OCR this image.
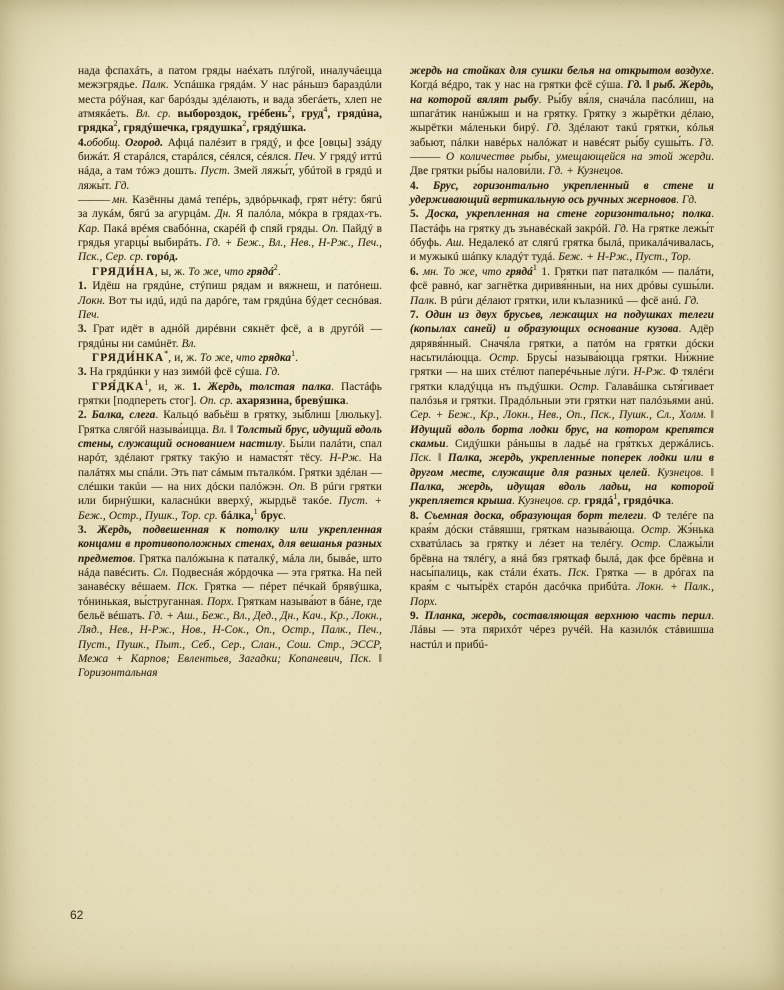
нада фспахáть, а патом гряды наéхать плýгой, иналучáецца межэгрядье. Палк. Успáшка грядáм. У нас рáньшэ бараздúли места рóўная, каг барóзды здéлають, и вада збегáеть, хлеп не атмякáеть. Вл. ср. выбороздок, грéбень$^2$, груд$^4$, грядúна, грядка$^2$, грядýшечка, грядушка$^2$, грядýшка.

4.обобщ. Огород. Афцá палéзит в грядý, и фсе [овцы] ззáду бижáт. Я старáлся, старáлся, сéялся, сéялся. Печ. У грядý иттú нáда, а там тóжэ дошть. Пуст. Змей ляжы́т, убúтой в грядú и ляжы́т. Гд.

——— мн. Казённы дамá тепéрь, здвóрьчкаф, грят нéту: бягú за лукáм, бягú за агурцáм. Дн. Я палóла, мóкра в грядах-тъ. Кар. Пакá врéмя свабóнна, скарéй ф спяй гряды. Оп. Пайдý в грядья угарцы́ выбирáть. Гд. + Беж., Вл., Нев., Н-Рж., Печ., Пск., Сер. ср. горóд.

ГРЯДИ́НА, ы, ж. То же, что грядá$^2$.

1. Идёш на грядúне, стýпиш рядам и вяжнеш, и патóнеш. Локн. Вот ты идú, идú па дарóге, там грядúна бýдет сеснóвая. Печ.

3. Грат идёт в аднóй дирéвни сякнёт фсё, а в другóй — грядúны ни самúнёт. Вл.

ГРЯДИ́НКА*, и, ж. То же, что грядка$^1$.

3. На грядúнки у наз зимóй фсё сýша. Гд.

ГРЯ́ДКА$^1$, и, ж. 1. Жердь, толстая палка. Пастáфь грятки [подпереть стог]. Оп. ср. ахарязина, бревýшка.

2. Балка, слега. Кальцó вабьёш в грятку, зы́блиш [люльку]. Грятка слягóй называ́ицца. Вл. ‖ Толстый брус, идущий вдоль стены, служащий основанием настилу. Бы́ли палáти, спал нарóт, здéлают грятку такýю и намастя́т тёсу. Н-Рж. На палáтях мы спáли. Эть пат сáмым пъталкóм. Грятки здéлан — слéшки такúи — на них дóски палóжэн. Оп. В рúги грятки или бирнýшки, каласнúки вверхý, жырдьё такóе. Пуст. + Беж., Остр., Пушк., Тор. ср. бáлка,$^1$ брус.

3. Жердь, подвешенная к потолку или укрепленная концами в противоположных стенах, для вешанья разных предметов. Грятка палóжына к паталкý, мáла ли, бывáе, што нáда павéсить. Сл. Подвеснáя жóрдочка — эта грятка. На пей занавéску вéшаем. Пск. Грятка — пéрет пéчкай брявýшка, тóнинькая, вы́струганная. Порх. Гряткам называ́ют в бáне, где бельё вéшать. Гд. + Аш., Беж., Вл., Дед., Дн., Кач., Кр., Локн., Ляд., Нев., Н-Рж., Нов., Н-Сок., Оп., Остр., Палк., Печ., Пуст., Пушк., Пыт., Себ., Сер., Слан., Сош. Стр., ЭССР, Межа + Карпов; Евлентьев, Загадки; Копаневич, Пск. ‖ Горизонтальная

жердь на стойках для сушки белья на открытом воздухе. Когдá вéдро, так у нас на грятки фсё сýша. Гд. ‖ рыб. Жердь, на которой вялят рыбу. Ры́бу вя́ля, сначáла пасóлиш, на шпагáтик нанúжыш и на грятку. Грятку з жырётки дéлаю, жырётки мáленьки бирý. Гд. Здéлают такú грятки, кóлья забьют, пáлки навéрьх налóжат и навéсят ры́бу сушы́ть. Гд. ——— О количестве рыбы, умещающейся на этой жерди. Две грятки ры́бы налови́ли. Гд. + Кузнецов.

4. Брус, горизонтально укрепленный в стене и удерживающий вертикальную ось ручных жерновов. Гд.

5. Доска, укрепленная на стене горизонтально; полка. Пастáфь на грятку дъ зънавéскай закрóй. Гд. На грятке лежы́т óбуфь. Аш. Недалекó ат слягú грятка былá, прикалáчивалась, и мужыкú шáпку кладýт тудá. Беж. + Н-Рж., Пуст., Тор.

6. мн. То же, что грядá$^1$ 1. Грятки пат паталкóм — палáти, фсё равнó, каг загнётка диривя́нныи, на них дрóвы сушы́ли. Палк. В рúги дéлают грятки, или кълазникú — фсё анú. Гд.

7. Один из двух брусьев, лежащих на подушках телеги (копылах саней) и образующих основание кузова. Адёр дярявя́нный. Сначя́ла грятки, а патóм на грятки дóски насьтилáюцца. Остр. Брусы́ называ́юцца грятки. Ни́жние грятки — на ших стéлют паперéчьныe лýги. Н-Рж. Ф тялéги грятки кладýцца нъ пъдýшки. Остр. Галавáшка сьтя́гивает палóзья и грятки. Прадóльныи эти грятки нат палóзьями анú. Сер. + Беж., Кр., Локн., Нев., Оп., Пск., Пушк., Сл., Холм. ‖ Идущий вдоль борта лодки брус, на котором крепятся скамьи. Сидýшки рáньшы в ладьé на гря́ткъх держáлись. Пск. ‖ Палка, жердь, укрепленные поперек лодки или в другом месте, служащие для разных целей. Кузнецов. ‖ Палка, жердь, идущая вдоль ладьи, на которой укрепляется крыша. Кузнецов. ср. грядá$^1$, грядóчка.

8. Съемная доска, образующая борт телеги. Ф телéге па края́м дóски стáвяшш, гряткам называ́юща. Остр. Жэ́нька схватúлась за грятку и лéзет на телéгу. Остр. Слажы́ли брёвна на тялéгу, а янá бяз гряткаф былá, дак фсе брёвна и насы́палиць, как стáли éхать. Пск. Грятка — в дрóгах па края́м с чыты́рёх старóн дасóчка прибúта. Локн. + Палк., Порх.

9. Планка, жердь, составляющая верхнюю часть перил. Лáвы — эта пярихóт чéрез ручéй. На казилóк стáвишша настúл и прибú-

62
